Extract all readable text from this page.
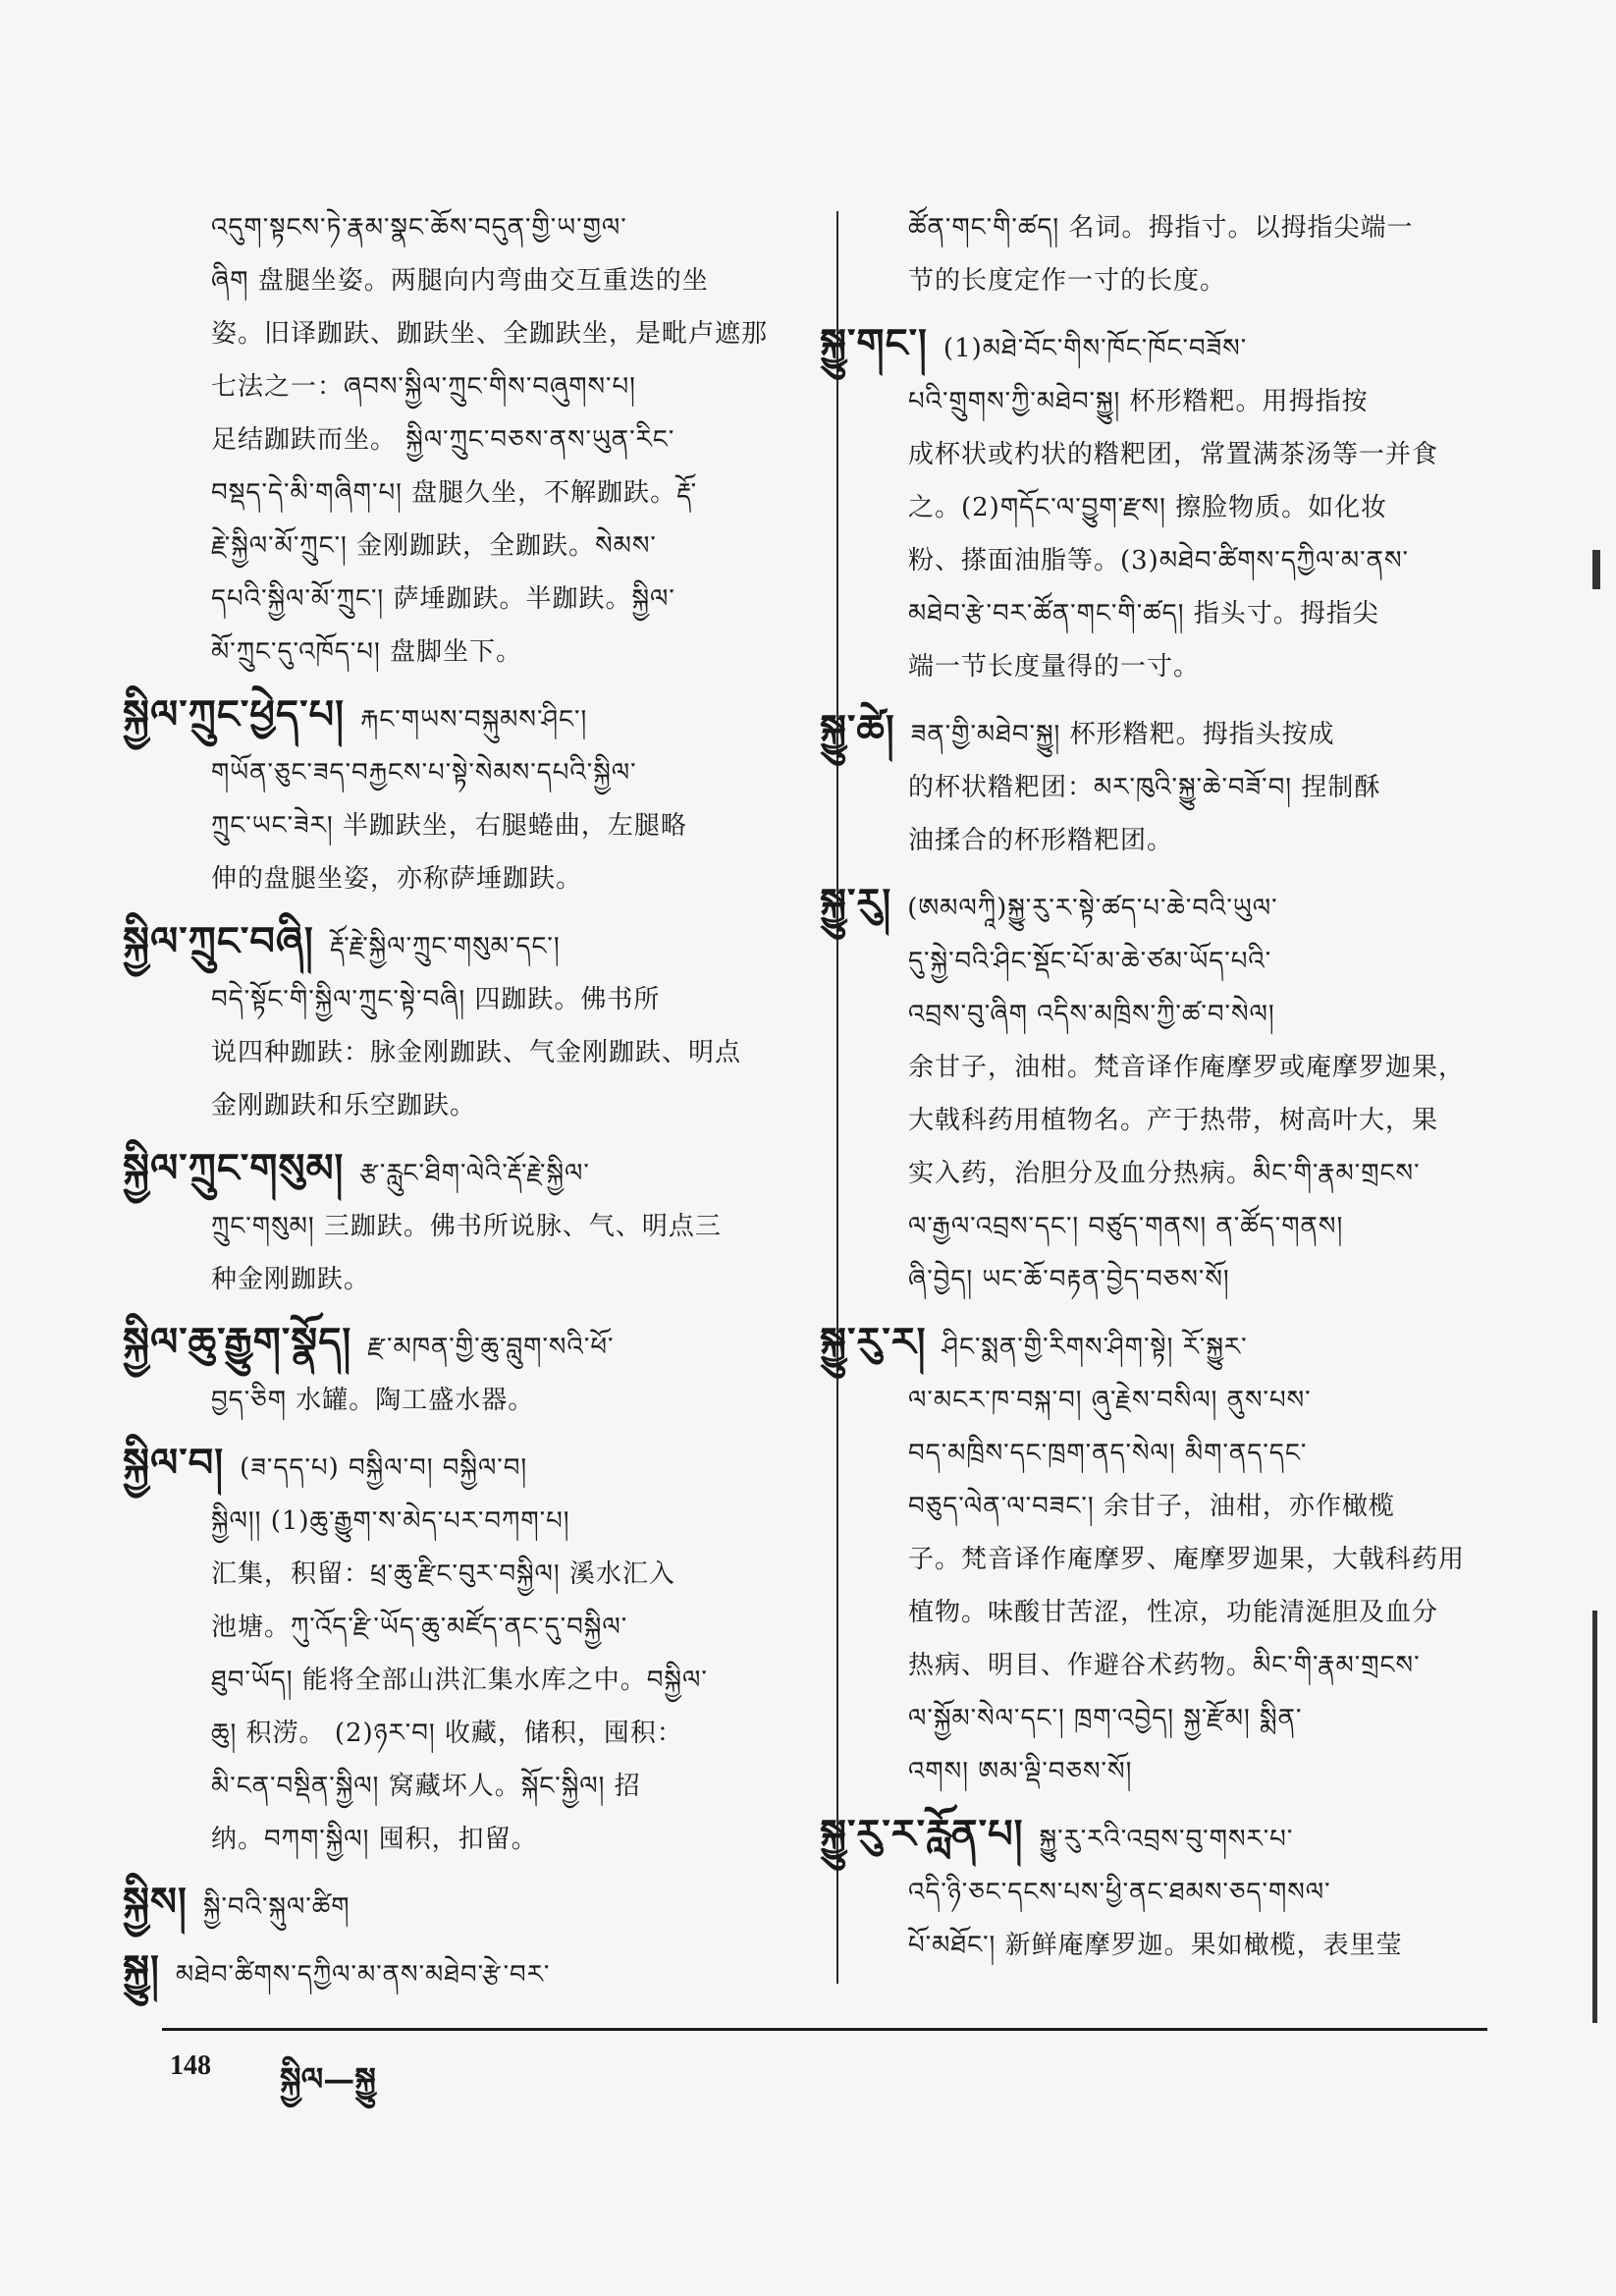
འདུག་སྟངས་ཏེ་རྣམ་སྣང་ཆོས་བདུན་གྱི་ཡ་གྱལ་
ཞིག 盘腿坐姿。两腿向内弯曲交互重迭的坐
姿。旧译跏趺、跏趺坐、全跏趺坐，是毗卢遮那
七法之一：ཞབས་སྐྱིལ་ཀྲུང་གིས་བཞུགས་པ།
足结跏趺而坐。 སྐྱིལ་ཀྲུང་བཅས་ནས་ཡུན་རིང་
བསྡད་དེ་མི་གཞིག་པ། 盘腿久坐，不解跏趺。རྡོ་
རྗེ་སྐྱིལ་མོ་ཀྲུང་། 金刚跏趺，全跏趺。སེམས་
དཔའི་སྐྱིལ་མོ་ཀྲུང་། 萨埵跏趺。半跏趺。སྐྱིལ་
མོ་ཀྲུང་དུ་འཁོད་པ། 盘脚坐下。
སྐྱིལ་ཀྲུང་ཕྱེད་པ། རྐང་གཡས་བསྐུམས་ཤིང་།
གཡོན་ཅུང་ཟད་བརྐྱངས་པ་སྟེ་སེམས་དཔའི་སྐྱིལ་
ཀྲུང་ཡང་ཟེར། 半跏趺坐，右腿蜷曲，左腿略
伸的盘腿坐姿，亦称萨埵跏趺。
སྐྱིལ་ཀྲུང་བཞི། རྡོ་རྗེ་སྐྱིལ་ཀྲུང་གསུམ་དང་།
བདེ་སྟོང་གི་སྐྱིལ་ཀྲུང་སྟེ་བཞི། 四跏趺。佛书所
说四种跏趺：脉金刚跏趺、气金刚跏趺、明点
金刚跏趺和乐空跏趺。
སྐྱིལ་ཀྲུང་གསུམ། རྩ་རླུང་ཐིག་ལེའི་རྡོ་རྗེ་སྐྱིལ་
ཀྲུང་གསུམ། 三跏趺。佛书所说脉、气、明点三
种金刚跏趺。
སྐྱིལ་ཆུ་རྒྱུག་སྣོད། རྫ་མཁན་གྱི་ཆུ་བླུག་སའི་ཕོ་
བྱད་ཅིག 水罐。陶工盛水器。
སྐྱིལ་བ། (ཟ་དད་པ) བསྐྱིལ་བ། བསྐྱིལ་བ།
སྐྱིལ།། (1)ཆུ་རྒྱུག་ས་མེད་པར་བཀག་པ།
汇集，积留：ཕྲ་ཆུ་རྫིང་བུར་བསྐྱིལ། 溪水汇入
池塘。ཀུ་འོད་རྫི་ཡོད་ཆུ་མཛོད་ནང་དུ་བསྐྱིལ་
ཐུབ་ཡོད། 能将全部山洪汇集水库之中。བསྐྱིལ་
ཆུ། 积涝。 (2)ཉར་བ། 收藏，储积，囤积：
མི་ངན་བསྡིན་སྐྱིལ། 窝藏坏人。སྐོང་སྐྱིལ། 招
纳。བཀག་སྐྱིལ། 囤积，扣留。
སྐྱིས། སྐྱི་བའི་སྐུལ་ཚིག
སྐྱུ། མཐེབ་ཚིགས་དཀྱིལ་མ་ནས་མཐེབ་རྩེ་བར་
ཚོན་གང་གི་ཚད། 名词。拇指寸。以拇指尖端一
节的长度定作一寸的长度。
སྐྱུ་གང་། (1)མཐེ་བོང་གིས་ཁོང་ཁོང་བཟོས་
པའི་གྲུགས་ཀྱི་མཐེབ་སྐྱུ། 杯形糌粑。用拇指按
成杯状或杓状的糌粑团，常置满茶汤等一并食
之。(2)གདོང་ལ་བྱུག་རྫས། 擦脸物质。如化妆
粉、搽面油脂等。(3)མཐེབ་ཚིགས་དཀྱིལ་མ་ནས་
མཐེབ་རྩེ་བར་ཚོན་གང་གི་ཚད། 指头寸。拇指尖
端一节长度量得的一寸。
སྐྱུ་ཚེ། ཟན་གྱི་མཐེབ་སྐྱུ། 杯形糌粑。拇指头按成
的杯状糌粑团：མར་ཁུའི་སྐྱུ་ཆེ་བཟོ་བ། 捏制酥
油揉合的杯形糌粑团。
སྐྱུ་རུ། (ཨམལཀཱི)སྐྱུ་རུ་ར་སྟེ་ཚད་པ་ཆེ་བའི་ཡུལ་
དུ་སྐྱེ་བའི་ཤིང་སྡོང་པོ་མ་ཆེ་ཙམ་ཡོད་པའི་
འབྲས་བུ་ཞིག འདིས་མཁྲིས་ཀྱི་ཚ་བ་སེལ།
余甘子，油柑。梵音译作庵摩罗或庵摩罗迦果，
大戟科药用植物名。产于热带，树高叶大，果
实入药，治胆分及血分热病。མིང་གི་རྣམ་གྲངས་
ལ་རྒྱལ་འབྲས་དང་། བཙུད་གནས། ན་ཚོད་གནས།
ཞི་བྱེད། ཡང་ཆོ་བརྟན་བྱེད་བཅས་སོ།
སྐྱུ་རུ་ར། ཤིང་སྨན་གྱི་རིགས་ཤིག་སྟེ། རོ་སྐྱུར་
ལ་མངར་ཁ་བསྐ་བ། ཞུ་རྗེས་བསིལ། ནུས་པས་
བད་མཁྲིས་དང་ཁྲག་ནད་སེལ། མིག་ནད་དང་
བཅུད་ལེན་ལ་བཟང་། 余甘子，油柑，亦作橄榄
子。梵音译作庵摩罗、庵摩罗迦果，大戟科药用
植物。味酸甘苦涩，性凉，功能清涎胆及血分
热病、明目、作避谷术药物。མིང་གི་རྣམ་གྲངས་
ལ་སྐྱོམ་སེལ་དང་། ཁྲག་འབྱེད། སྐྱ་རྫོམ། སྨིན་
འགས། ཨམ་ལྡི་བཅས་སོ།
སྐྱུ་རུ་ར་རློན་པ། སྐྱུ་རུ་རའི་འབྲས་བུ་གསར་པ་
འདི་ཉི་ཅང་དངས་པས་ཕྱི་ནང་ཐམས་ཅད་གསལ་
པོ་མཐོང་། 新鲜庵摩罗迦。果如橄榄，表里莹
148 སྐྱིལ—སྐྱུ
